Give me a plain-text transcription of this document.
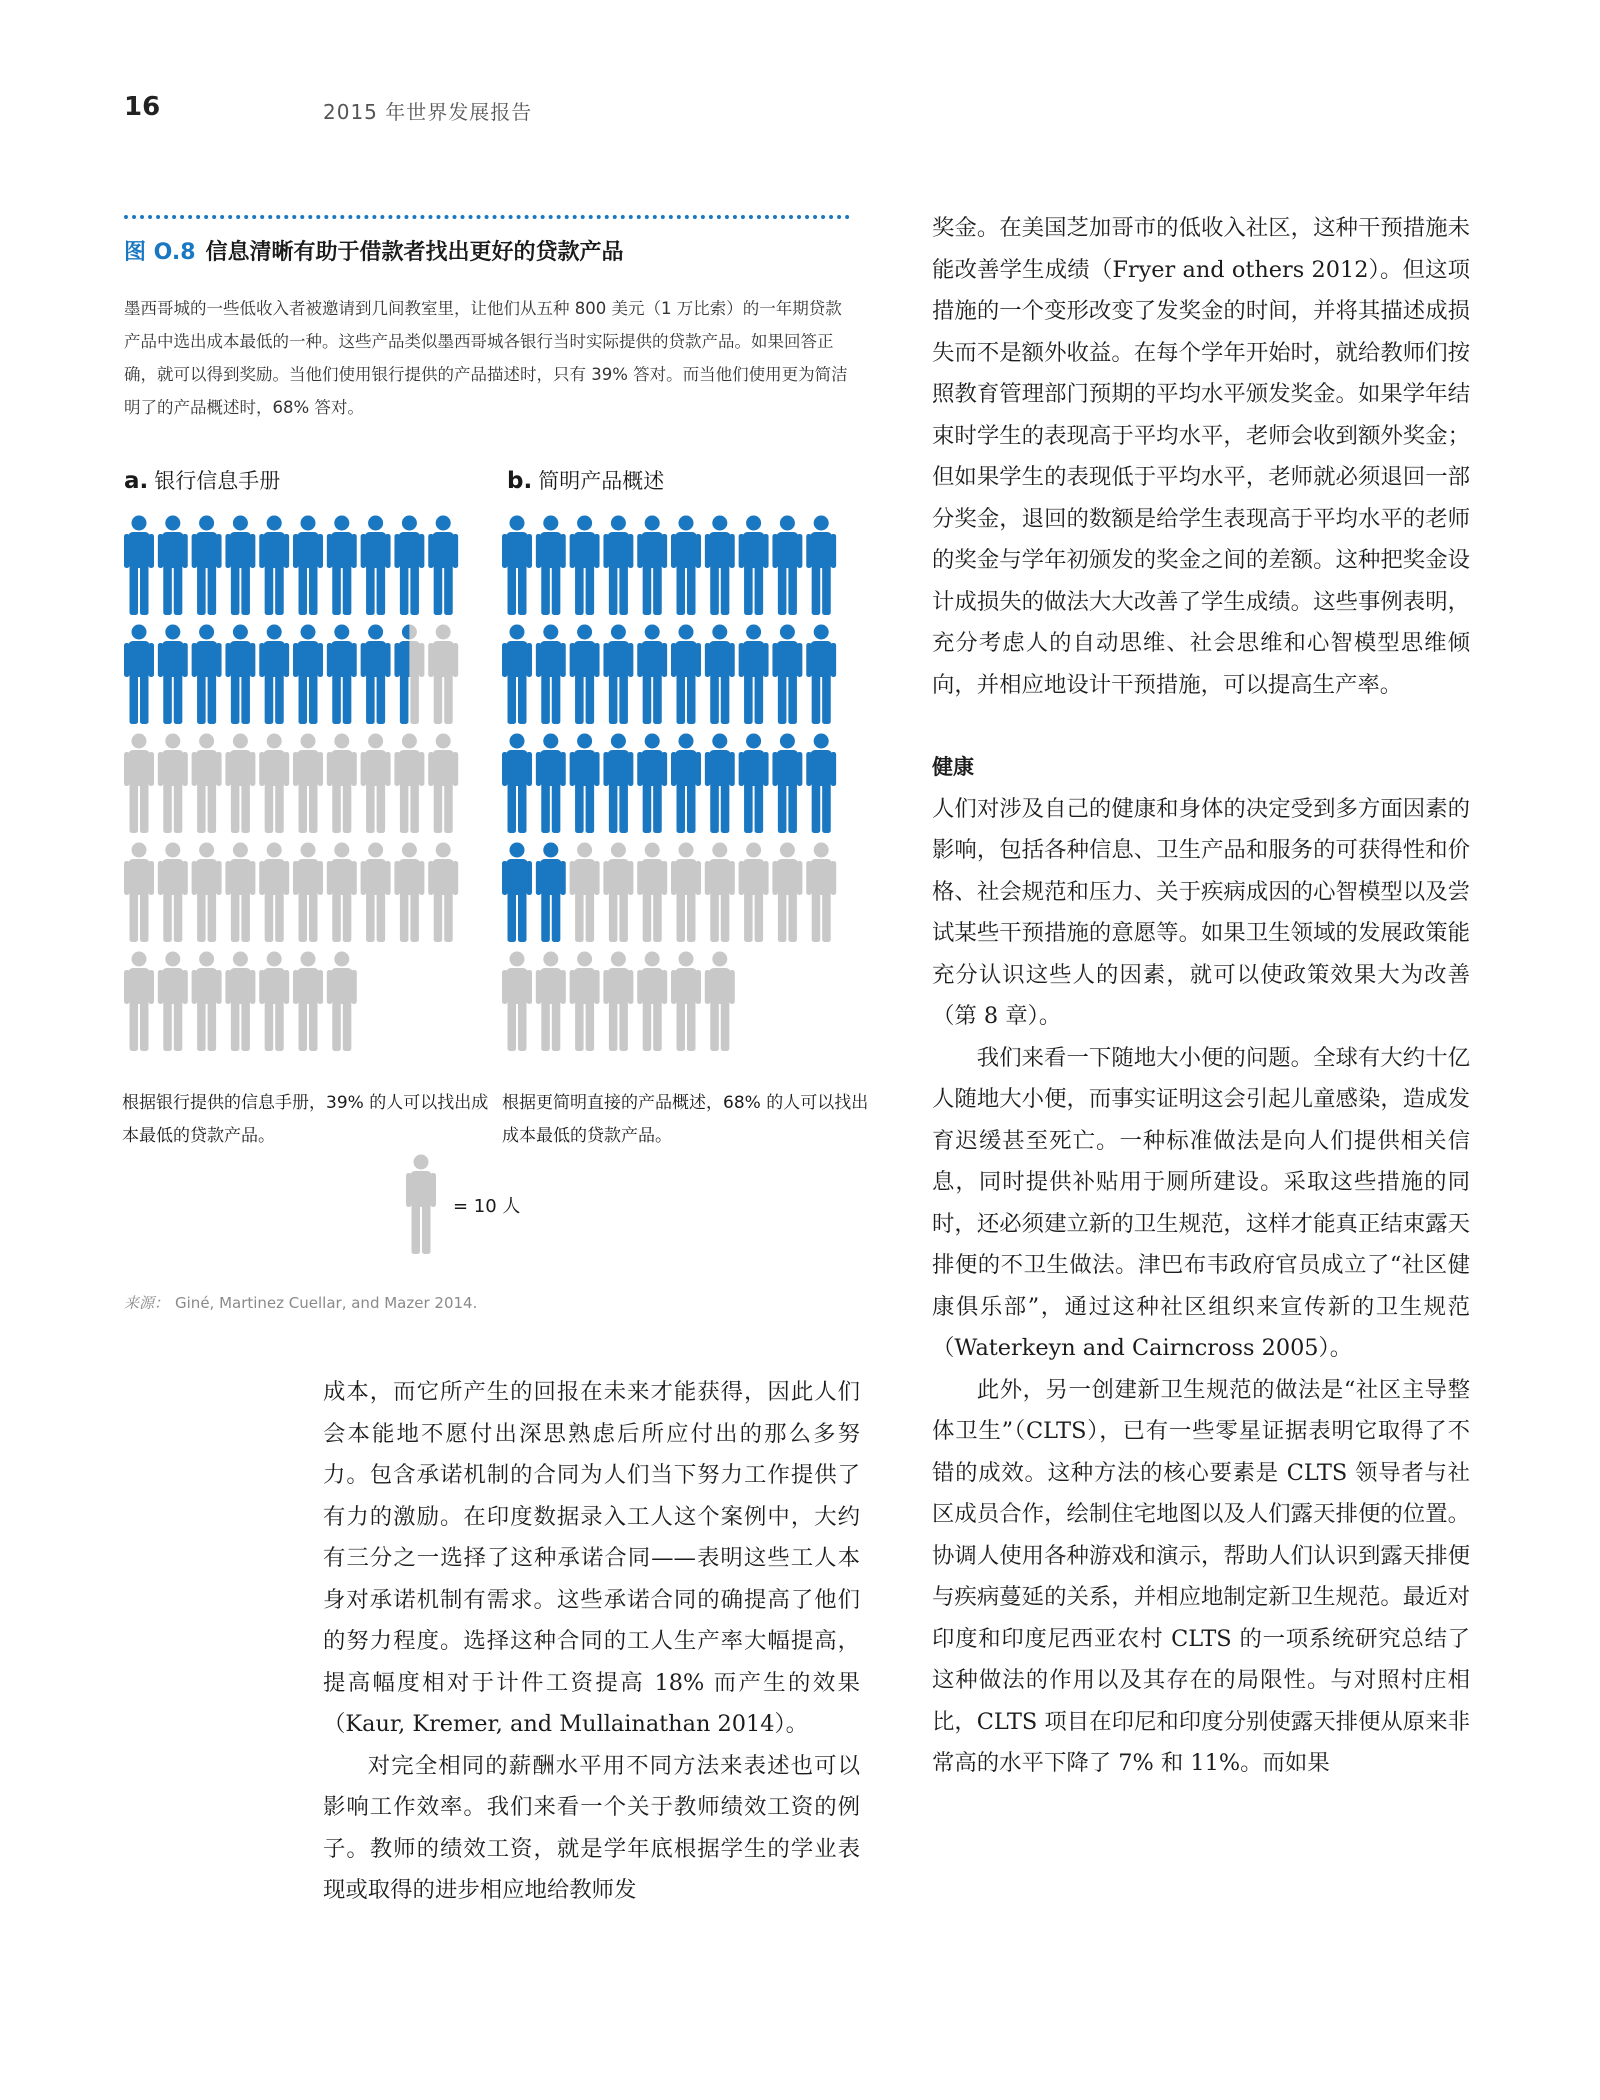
16	2015 年世界发展报告
图 O.8 信息清晰有助于借款者找出更好的贷款产品
墨西哥城的一些低收入者被邀请到几间教室里，让他们从五种 800 美元（1 万比索）的一年期贷款产品中选出成本最低的一种。这些产品类似墨西哥城各银行当时实际提供的贷款产品。如果回答正确，就可以得到奖励。当他们使用银行提供的产品描述时，只有 39% 答对。而当他们使用更为简洁明了的产品概述时，68% 答对。
a. 银行信息手册	b. 简明产品概述
根据银行提供的信息手册，39% 的人可以找出成本最低的贷款产品。
根据更简明直接的产品概述，68% 的人可以找出成本最低的贷款产品。
= 10 人
来源： Giné, Martinez Cuellar, and Mazer 2014.

成本，而它所产生的回报在未来才能获得，因此人们会本能地不愿付出深思熟虑后所应付出的那么多努力。包含承诺机制的合同为人们当下努力工作提供了有力的激励。在印度数据录入工人这个案例中，大约有三分之一选择了这种承诺合同——表明这些工人本身对承诺机制有需求。这些承诺合同的确提高了他们的努力程度。选择这种合同的工人生产率大幅提高，提高幅度相对于计件工资提高 18% 而产生的效果（Kaur, Kremer, and Mullainathan 2014）。

对完全相同的薪酬水平用不同方法来表述也可以影响工作效率。我们来看一个关于教师绩效工资的例子。教师的绩效工资，就是学年底根据学生的学业表现或取得的进步相应地给教师发

奖金。在美国芝加哥市的低收入社区，这种干预措施未能改善学生成绩（Fryer and others 2012）。但这项措施的一个变形改变了发奖金的时间，并将其描述成损失而不是额外收益。在每个学年开始时，就给教师们按照教育管理部门预期的平均水平颁发奖金。如果学年结束时学生的表现高于平均水平，老师会收到额外奖金；但如果学生的表现低于平均水平，老师就必须退回一部分奖金，退回的数额是给学生表现高于平均水平的老师的奖金与学年初颁发的奖金之间的差额。这种把奖金设计成损失的做法大大改善了学生成绩。这些事例表明，充分考虑人的自动思维、社会思维和心智模型思维倾向，并相应地设计干预措施，可以提高生产率。

健康

人们对涉及自己的健康和身体的决定受到多方面因素的影响，包括各种信息、卫生产品和服务的可获得性和价格、社会规范和压力、关于疾病成因的心智模型以及尝试某些干预措施的意愿等。如果卫生领域的发展政策能充分认识这些人的因素，就可以使政策效果大为改善（第 8 章）。

我们来看一下随地大小便的问题。全球有大约十亿人随地大小便，而事实证明这会引起儿童感染，造成发育迟缓甚至死亡。一种标准做法是向人们提供相关信息，同时提供补贴用于厕所建设。采取这些措施的同时，还必须建立新的卫生规范，这样才能真正结束露天排便的不卫生做法。津巴布韦政府官员成立了“社区健康俱乐部”，通过这种社区组织来宣传新的卫生规范（Waterkeyn and Cairncross 2005）。

此外，另一创建新卫生规范的做法是“社区主导整体卫生”（CLTS），已有一些零星证据表明它取得了不错的成效。这种方法的核心要素是 CLTS 领导者与社区成员合作，绘制住宅地图以及人们露天排便的位置。协调人使用各种游戏和演示，帮助人们认识到露天排便与疾病蔓延的关系，并相应地制定新卫生规范。最近对印度和印度尼西亚农村 CLTS 的一项系统研究总结了这种做法的作用以及其存在的局限性。与对照村庄相比，CLTS 项目在印尼和印度分别使露天排便从原来非常高的水平下降了 7% 和 11%。而如果
